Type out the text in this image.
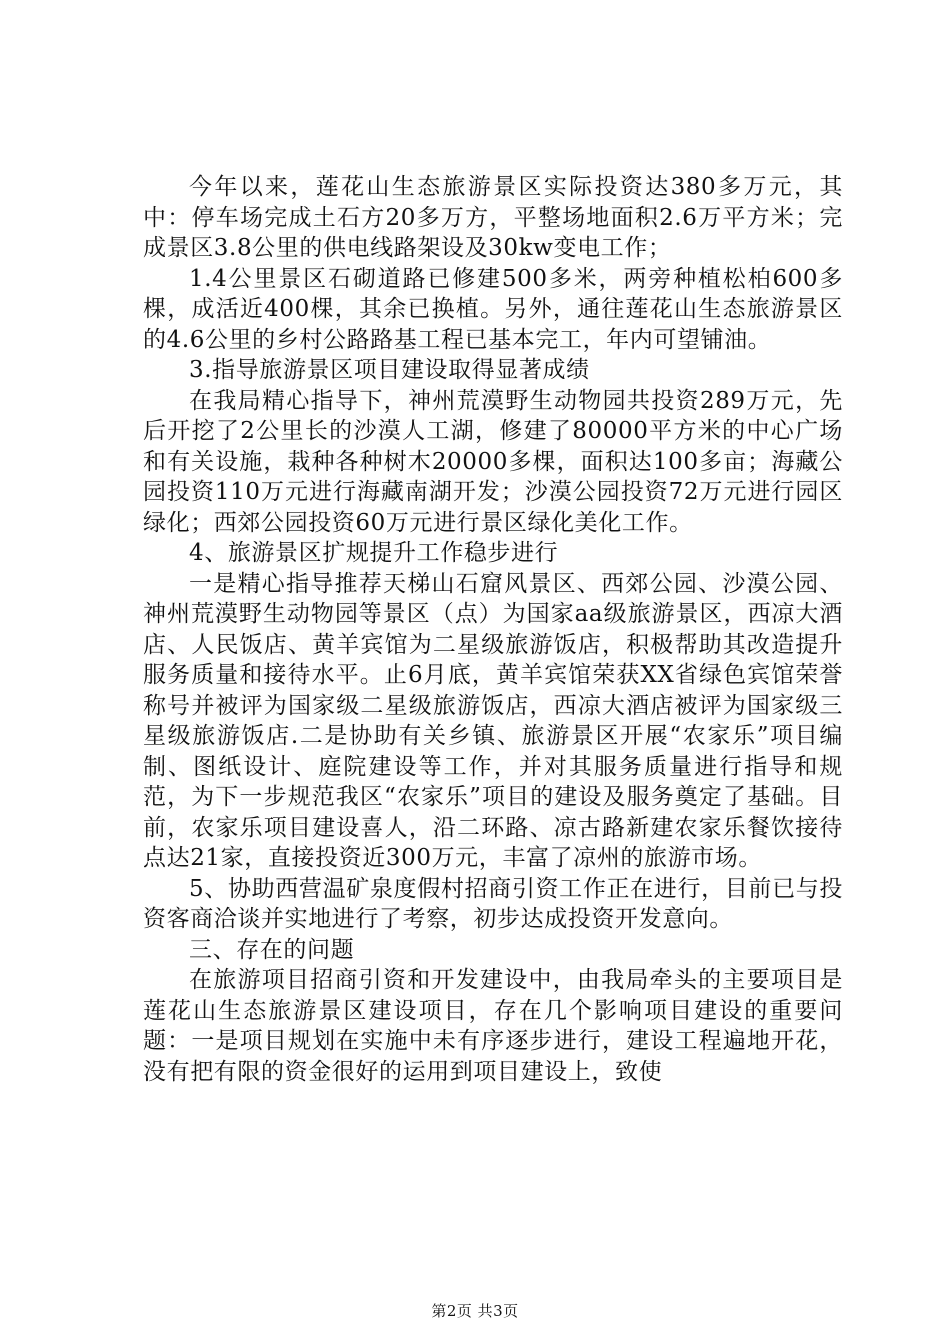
今年以来，莲花山生态旅游景区实际投资达380多万元，其中：停车场完成土石方20多万方，平整场地面积2.6万平方米；完成景区3.8公里的供电线路架设及30kw变电工作；

1.4公里景区石砌道路已修建500多米，两旁种植松柏600多棵，成活近400棵，其余已换植。另外，通往莲花山生态旅游景区的4.6公里的乡村公路路基工程已基本完工，年内可望铺油。

3.指导旅游景区项目建设取得显著成绩

在我局精心指导下，神州荒漠野生动物园共投资289万元，先后开挖了2公里长的沙漠人工湖，修建了80000平方米的中心广场和有关设施，栽种各种树木20000多棵，面积达100多亩；海藏公园投资110万元进行海藏南湖开发；沙漠公园投资72万元进行园区绿化；西郊公园投资60万元进行景区绿化美化工作。

4、旅游景区扩规提升工作稳步进行

一是精心指导推荐天梯山石窟风景区、西郊公园、沙漠公园、神州荒漠野生动物园等景区（点）为国家aa级旅游景区，西凉大酒店、人民饭店、黄羊宾馆为二星级旅游饭店，积极帮助其改造提升服务质量和接待水平。止6月底，黄羊宾馆荣获XX省绿色宾馆荣誉称号并被评为国家级二星级旅游饭店，西凉大酒店被评为国家级三星级旅游饭店.二是协助有关乡镇、旅游景区开展“农家乐”项目编制、图纸设计、庭院建设等工作，并对其服务质量进行指导和规范，为下一步规范我区“农家乐”项目的建设及服务奠定了基础。目前，农家乐项目建设喜人，沿二环路、凉古路新建农家乐餐饮接待点达21家，直接投资近300万元，丰富了凉州的旅游市场。

5、协助西营温矿泉度假村招商引资工作正在进行，目前已与投资客商洽谈并实地进行了考察，初步达成投资开发意向。

三、存在的问题

在旅游项目招商引资和开发建设中，由我局牵头的主要项目是莲花山生态旅游景区建设项目，存在几个影响项目建设的重要问题：一是项目规划在实施中未有序逐步进行，建设工程遍地开花，没有把有限的资金很好的运用到项目建设上，致使

第2页 共3页
